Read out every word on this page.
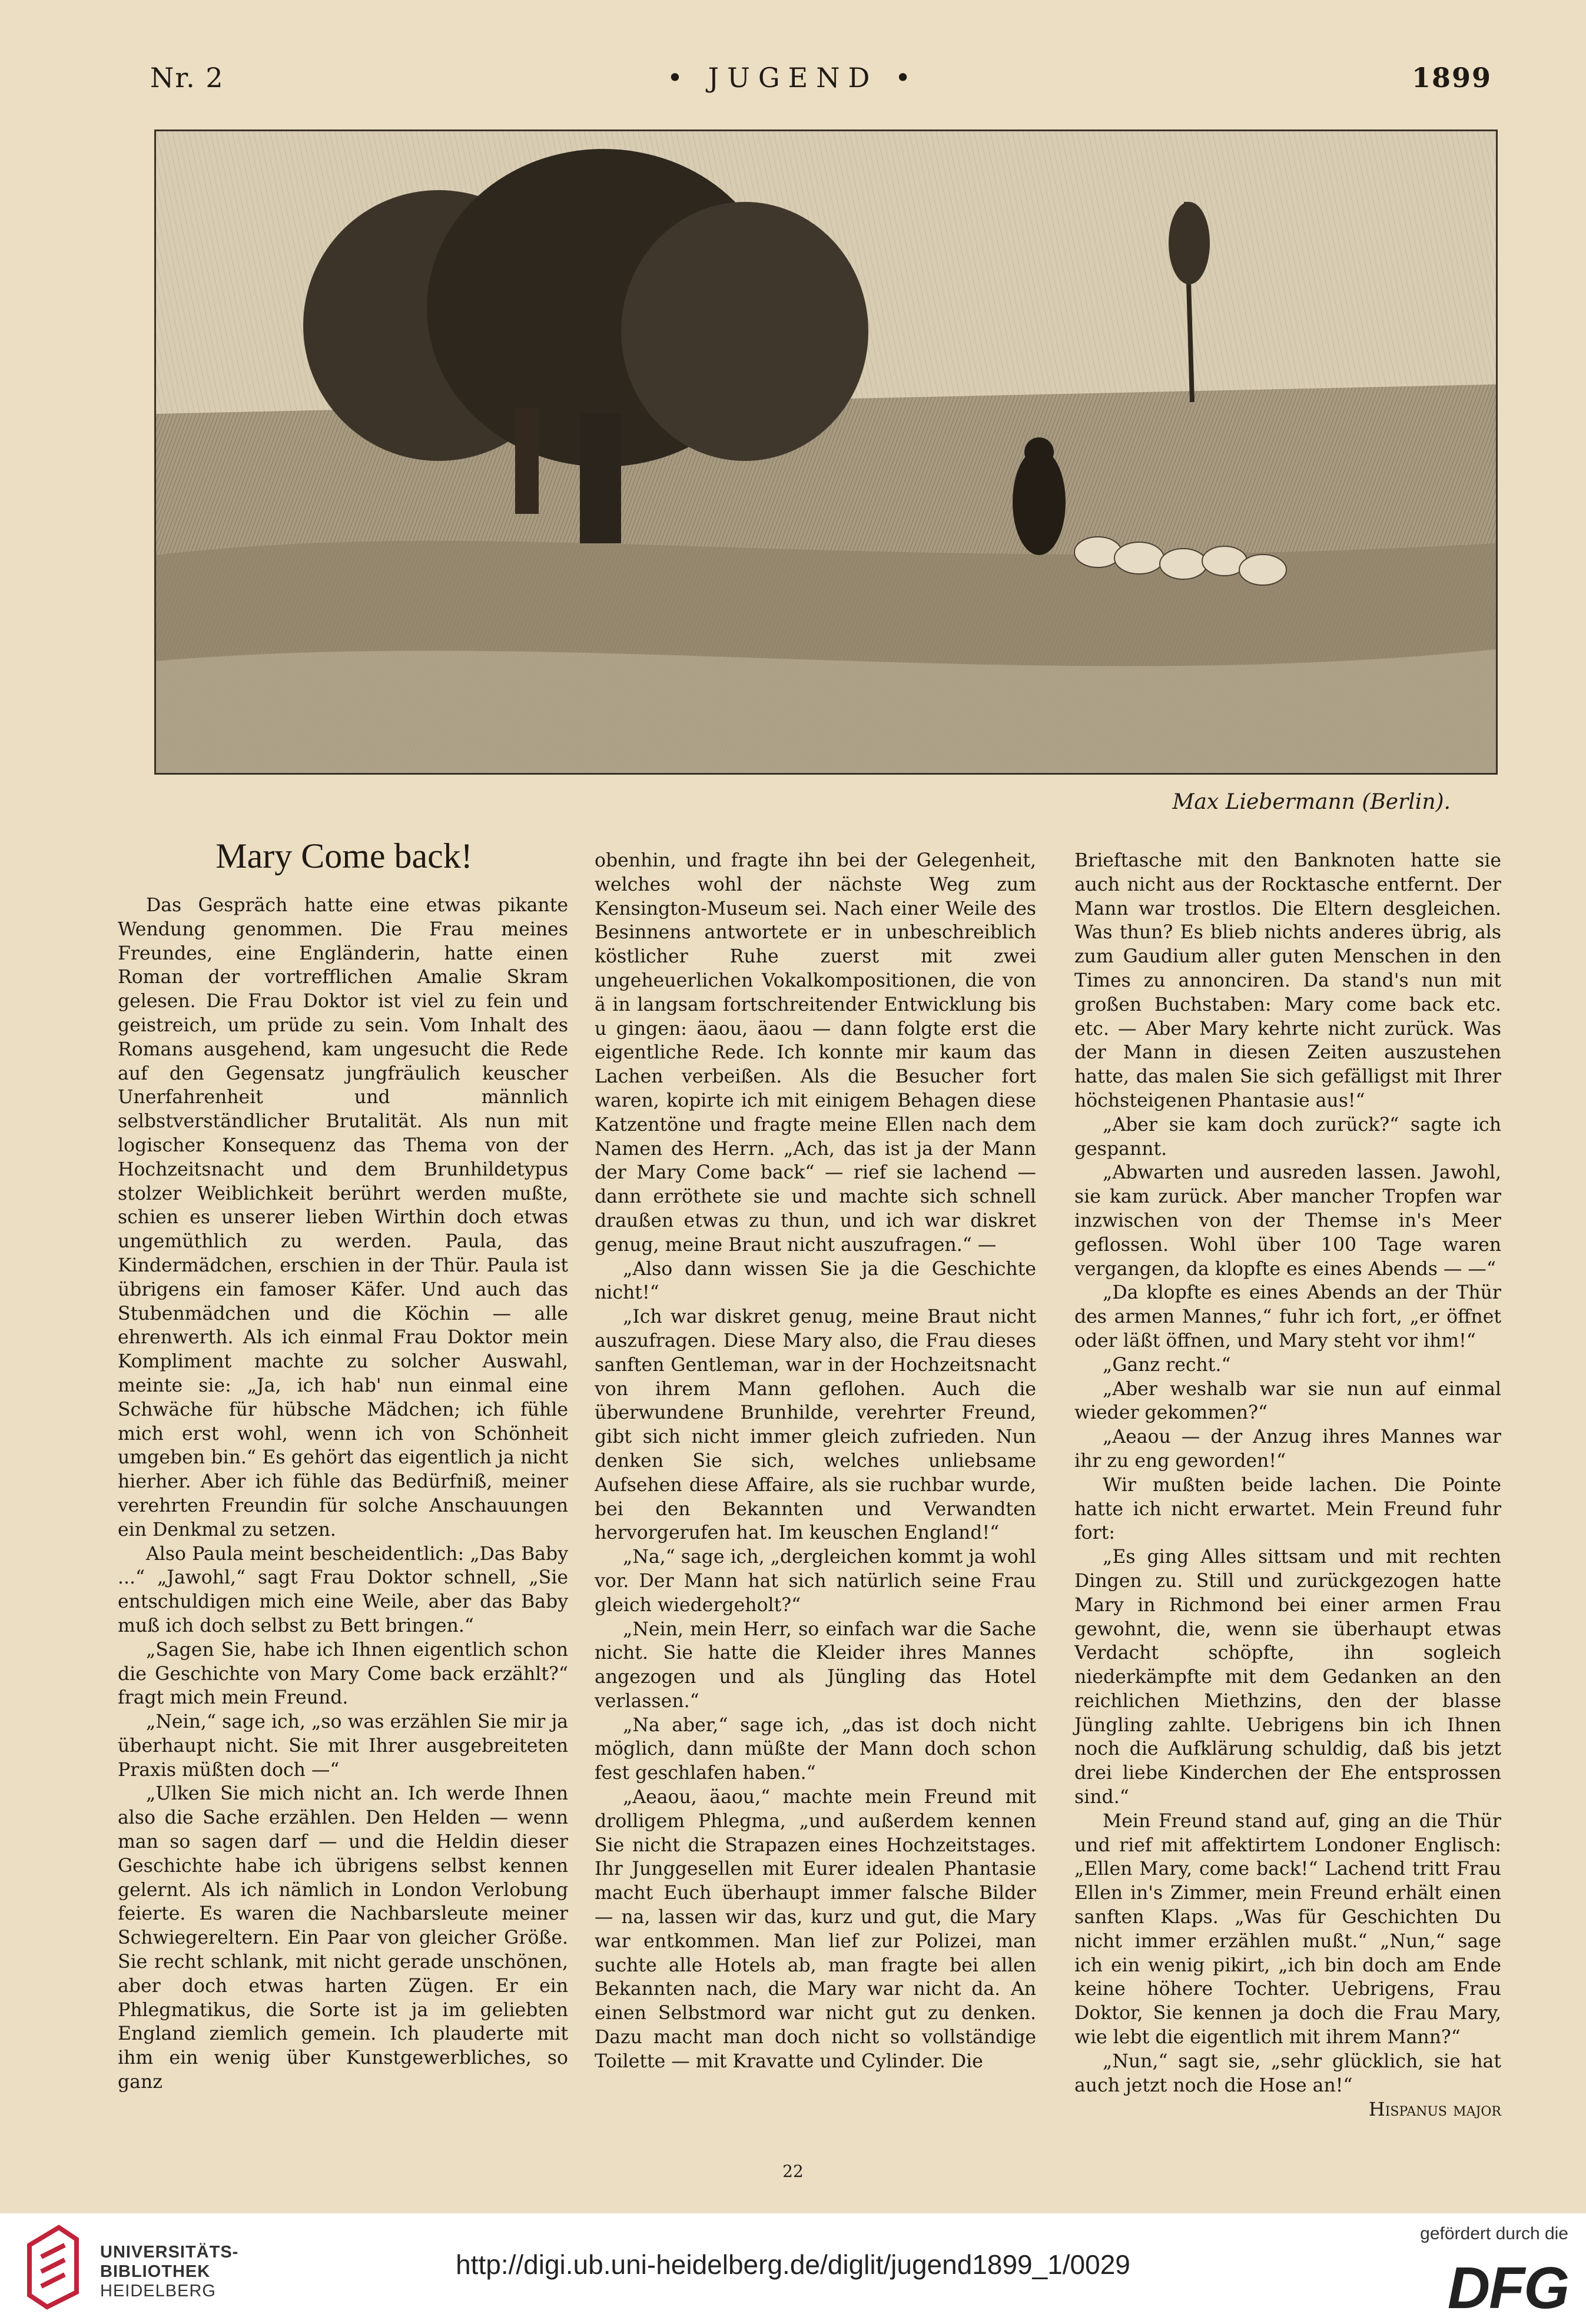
Nr. 2	• JUGEND •	1899
Max Liebermann (Berlin).
Mary Come back!

Das Gespräch hatte eine etwas pikante Wendung genommen. Die Frau meines Freundes, eine Engländerin, hatte einen Roman der vortrefflichen Amalie Skram gelesen. Die Frau Doktor ist viel zu fein und geistreich, um prüde zu sein. Vom Inhalt des Romans ausgehend, kam ungesucht die Rede auf den Gegensatz jungfräulich keuscher Unerfahrenheit und männlich selbstverständlicher Brutalität. Als nun mit logischer Konsequenz das Thema von der Hochzeitsnacht und dem Brunhildetypus stolzer Weiblichkeit berührt werden mußte, schien es unserer lieben Wirthin doch etwas ungemüthlich zu werden. Paula, das Kindermädchen, erschien in der Thür. Paula ist übrigens ein famoser Käfer. Und auch das Stubenmädchen und die Köchin — alle ehrenwerth. Als ich einmal Frau Doktor mein Kompliment machte zu solcher Auswahl, meinte sie: „Ja, ich hab' nun einmal eine Schwäche für hübsche Mädchen; ich fühle mich erst wohl, wenn ich von Schönheit umgeben bin.“ Es gehört das eigentlich ja nicht hierher. Aber ich fühle das Bedürfniß, meiner verehrten Freundin für solche Anschauungen ein Denkmal zu setzen.

Also Paula meint bescheidentlich: „Das Baby ...“ „Jawohl,“ sagt Frau Doktor schnell, „Sie entschuldigen mich eine Weile, aber das Baby muß ich doch selbst zu Bett bringen.“

„Sagen Sie, habe ich Ihnen eigentlich schon die Geschichte von Mary Come back erzählt?“ fragt mich mein Freund.

„Nein,“ sage ich, „so was erzählen Sie mir ja überhaupt nicht. Sie mit Ihrer ausgebreiteten Praxis müßten doch —“

„Ulken Sie mich nicht an. Ich werde Ihnen also die Sache erzählen. Den Helden — wenn man so sagen darf — und die Heldin dieser Geschichte habe ich übrigens selbst kennen gelernt. Als ich nämlich in London Verlobung feierte. Es waren die Nachbarsleute meiner Schwiegereltern. Ein Paar von gleicher Größe. Sie recht schlank, mit nicht gerade unschönen, aber doch etwas harten Zügen. Er ein Phlegmatikus, die Sorte ist ja im geliebten England ziemlich gemein. Ich plauderte mit ihm ein wenig über Kunstgewerbliches, so ganz

obenhin, und fragte ihn bei der Gelegenheit, welches wohl der nächste Weg zum Kensington-Museum sei. Nach einer Weile des Besinnens antwortete er in unbeschreiblich köstlicher Ruhe zuerst mit zwei ungeheuerlichen Vokalkompositionen, die von ä in langsam fortschreitender Entwicklung bis u gingen: äaou, äaou — dann folgte erst die eigentliche Rede. Ich konnte mir kaum das Lachen verbeißen. Als die Besucher fort waren, kopirte ich mit einigem Behagen diese Katzentöne und fragte meine Ellen nach dem Namen des Herrn. „Ach, das ist ja der Mann der Mary Come back“ — rief sie lachend — dann erröthete sie und machte sich schnell draußen etwas zu thun, und ich war diskret genug, meine Braut nicht auszufragen.“ —

„Also dann wissen Sie ja die Geschichte nicht!“

„Ich war diskret genug, meine Braut nicht auszufragen. Diese Mary also, die Frau dieses sanften Gentleman, war in der Hochzeitsnacht von ihrem Mann geflohen. Auch die überwundene Brunhilde, verehrter Freund, gibt sich nicht immer gleich zufrieden. Nun denken Sie sich, welches unliebsame Aufsehen diese Affaire, als sie ruchbar wurde, bei den Bekannten und Verwandten hervorgerufen hat. Im keuschen England!“

„Na,“ sage ich, „dergleichen kommt ja wohl vor. Der Mann hat sich natürlich seine Frau gleich wiedergeholt?“

„Nein, mein Herr, so einfach war die Sache nicht. Sie hatte die Kleider ihres Mannes angezogen und als Jüngling das Hotel verlassen.“

„Na aber,“ sage ich, „das ist doch nicht möglich, dann müßte der Mann doch schon fest geschlafen haben.“

„Aeaou, äaou,“ machte mein Freund mit drolligem Phlegma, „und außerdem kennen Sie nicht die Strapazen eines Hochzeitstages. Ihr Junggesellen mit Eurer idealen Phantasie macht Euch überhaupt immer falsche Bilder — na, lassen wir das, kurz und gut, die Mary war entkommen. Man lief zur Polizei, man suchte alle Hotels ab, man fragte bei allen Bekannten nach, die Mary war nicht da. An einen Selbstmord war nicht gut zu denken. Dazu macht man doch nicht so vollständige Toilette — mit Kravatte und Cylinder. Die

Brieftasche mit den Banknoten hatte sie auch nicht aus der Rocktasche entfernt. Der Mann war trostlos. Die Eltern desgleichen. Was thun? Es blieb nichts anderes übrig, als zum Gaudium aller guten Menschen in den Times zu annonciren. Da stand's nun mit großen Buchstaben: Mary come back etc. etc. — Aber Mary kehrte nicht zurück. Was der Mann in diesen Zeiten auszustehen hatte, das malen Sie sich gefälligst mit Ihrer höchsteigenen Phantasie aus!“

„Aber sie kam doch zurück?“ sagte ich gespannt.

„Abwarten und ausreden lassen. Jawohl, sie kam zurück. Aber mancher Tropfen war inzwischen von der Themse in's Meer geflossen. Wohl über 100 Tage waren vergangen, da klopfte es eines Abends — —“

„Da klopfte es eines Abends an der Thür des armen Mannes,“ fuhr ich fort, „er öffnet oder läßt öffnen, und Mary steht vor ihm!“

„Ganz recht.“

„Aber weshalb war sie nun auf einmal wieder gekommen?“

„Aeaou — der Anzug ihres Mannes war ihr zu eng geworden!“

Wir mußten beide lachen. Die Pointe hatte ich nicht erwartet. Mein Freund fuhr fort:

„Es ging Alles sittsam und mit rechten Dingen zu. Still und zurückgezogen hatte Mary in Richmond bei einer armen Frau gewohnt, die, wenn sie überhaupt etwas Verdacht schöpfte, ihn sogleich niederkämpfte mit dem Gedanken an den reichlichen Miethzins, den der blasse Jüngling zahlte. Uebrigens bin ich Ihnen noch die Aufklärung schuldig, daß bis jetzt drei liebe Kinderchen der Ehe entsprossen sind.“

Mein Freund stand auf, ging an die Thür und rief mit affektirtem Londoner Englisch: „Ellen Mary, come back!“ Lachend tritt Frau Ellen in's Zimmer, mein Freund erhält einen sanften Klaps. „Was für Geschichten Du nicht immer erzählen mußt.“ „Nun,“ sage ich ein wenig pikirt, „ich bin doch am Ende keine höhere Tochter. Uebrigens, Frau Doktor, Sie kennen ja doch die Frau Mary, wie lebt die eigentlich mit ihrem Mann?“

„Nun,“ sagt sie, „sehr glücklich, sie hat auch jetzt noch die Hose an!“

Hispanus major

22
UNIVERSITÄTS-
BIBLIOTHEK
HEIDELBERG
http://digi.ub.uni-heidelberg.de/diglit/jugend1899_1/0029
gefördert durch die
DFG
